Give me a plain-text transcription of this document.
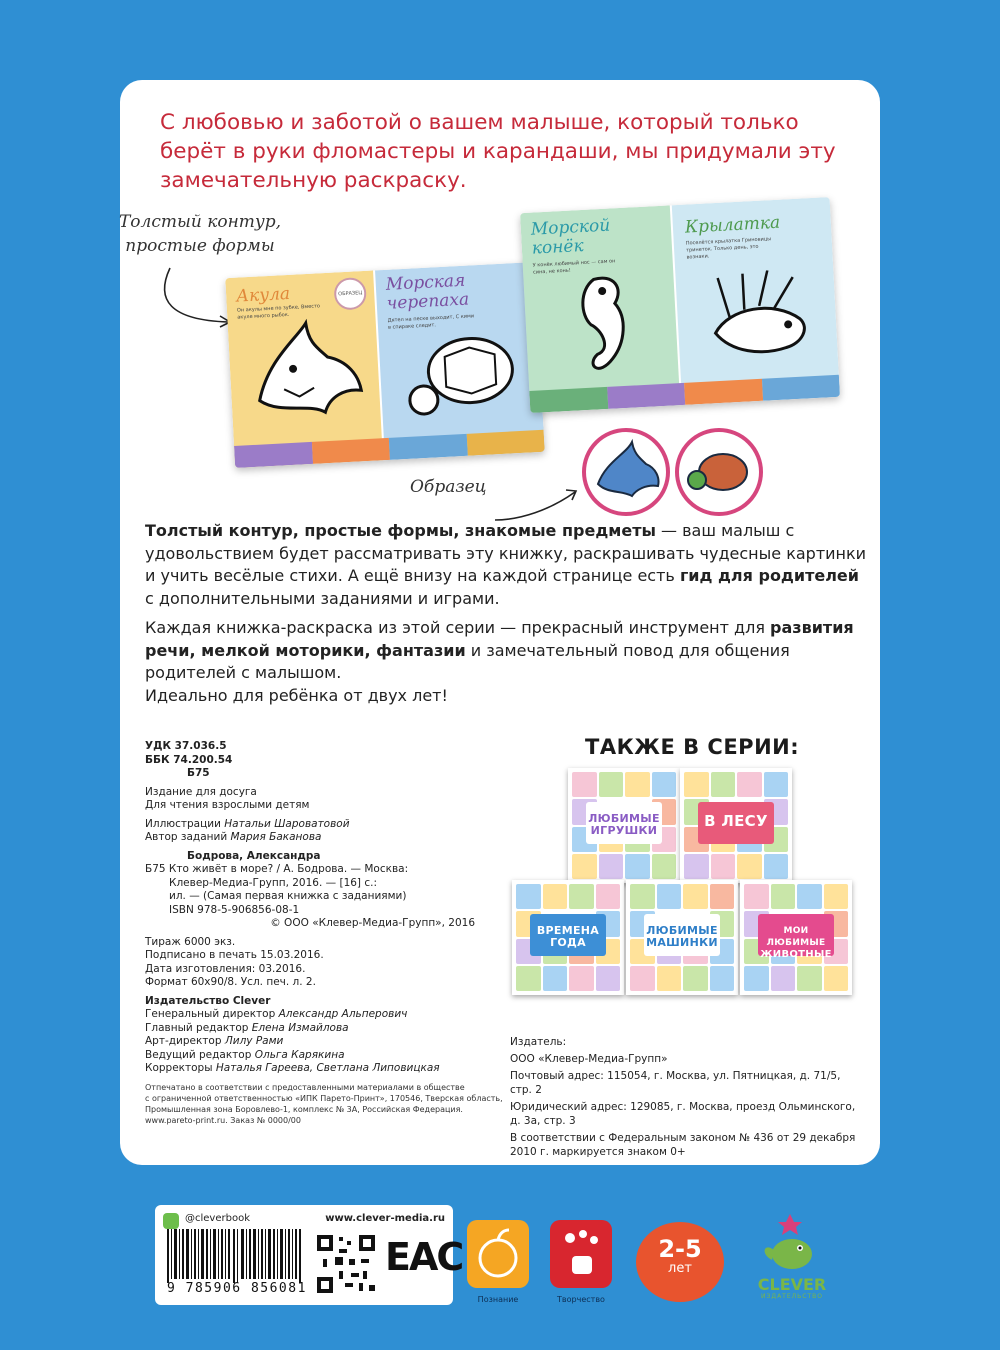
С любовью и заботой о вашем малыше, который только берёт в руки фломастеры и карандаши, мы придумали эту замечательную раскраску.

Толстый контур,
простые формы
Акула
Он акулы мне по зубке, Вместо акуле много рыбок.
ОБРАЗЕЦ Морская
черепаха
Дятел на песке выходит, С кими в спираке следит.
Морской
конёк
У конёк любимый нос — сам он сина, не конь!
Крылатка
Поселётся крылатка Гриновицы тринеток. Только день, это вознаки.
Образец

Толстый контур, простые формы, знакомые предметы — ваш малыш с удовольствием будет рассматривать эту книжку, раскрашивать чудесные картинки и учить весёлые стихи. А ещё внизу на каждой странице есть гид для родителей с дополнительными заданиями и играми.

Каждая книжка-раскраска из этой серии — прекрасный инструмент для развития речи, мелкой моторики, фантазии и замечательный повод для общения родителей с малышом.

Идеально для ребёнка от двух лет!

УДК 37.036.5
ББК 74.200.54
Б75
Издание для досуга
Для чтения взрослыми детям
Иллюстрации Натальи Шароватовой
Автор заданий Мария Баканова
Бодрова, Александра
Б75 Кто живёт в море? / А. Бодрова. — Москва:
Клевер-Медиа-Групп, 2016. — [16] с.:
ил. — (Самая первая книжка с заданиями)
ISBN 978-5-906856-08-1
© ООО «Клевер-Медиа-Групп», 2016
Тираж 6000 экз.
Подписано в печать 15.03.2016.
Дата изготовления: 03.2016.
Формат 60х90/8. Усл. печ. л. 2.
Издательство Clever
Генеральный директор Александр Альперович
Главный редактор Елена Измайлова
Арт-директор Лилу Рами
Ведущий редактор Ольга Карякина
Корректоры Наталья Гареева, Светлана Липовицкая
Отпечатано в соответствии с предоставленными материалами в обществе
с ограниченной ответственностью «ИПК Парето-Принт», 170546, Тверская область,
Промышленная зона Боровлево-1, комплекс № 3А, Российская Федерация.
www.pareto-print.ru. Заказ № 0000/00
ТАКЖЕ В СЕРИИ:
ЛЮБИМЫЕ
ИГРУШКИ
В ЛЕСУ
ВРЕМЕНА
ГОДА
ЛЮБИМЫЕ
МАШИНКИ
МОИ ЛЮБИМЫЕ
ЖИВОТНЫЕ

Издатель:

ООО «Клевер-Медиа-Групп»

Почтовый адрес: 115054, г. Москва, ул. Пятницкая, д. 71/5, стр. 2

Юридический адрес: 129085, г. Москва, проезд Ольминского,

д. 3а, стр. 3

В соответствии с Федеральным законом № 436 от 29 декабря

2010 г. маркируется знаком 0+

@cleverbook	www.clever-media.ru
9 785906 856081
EAC
Познание	Творчество
2-5
лет
CLEVER
ИЗДАТЕЛЬСТВО
